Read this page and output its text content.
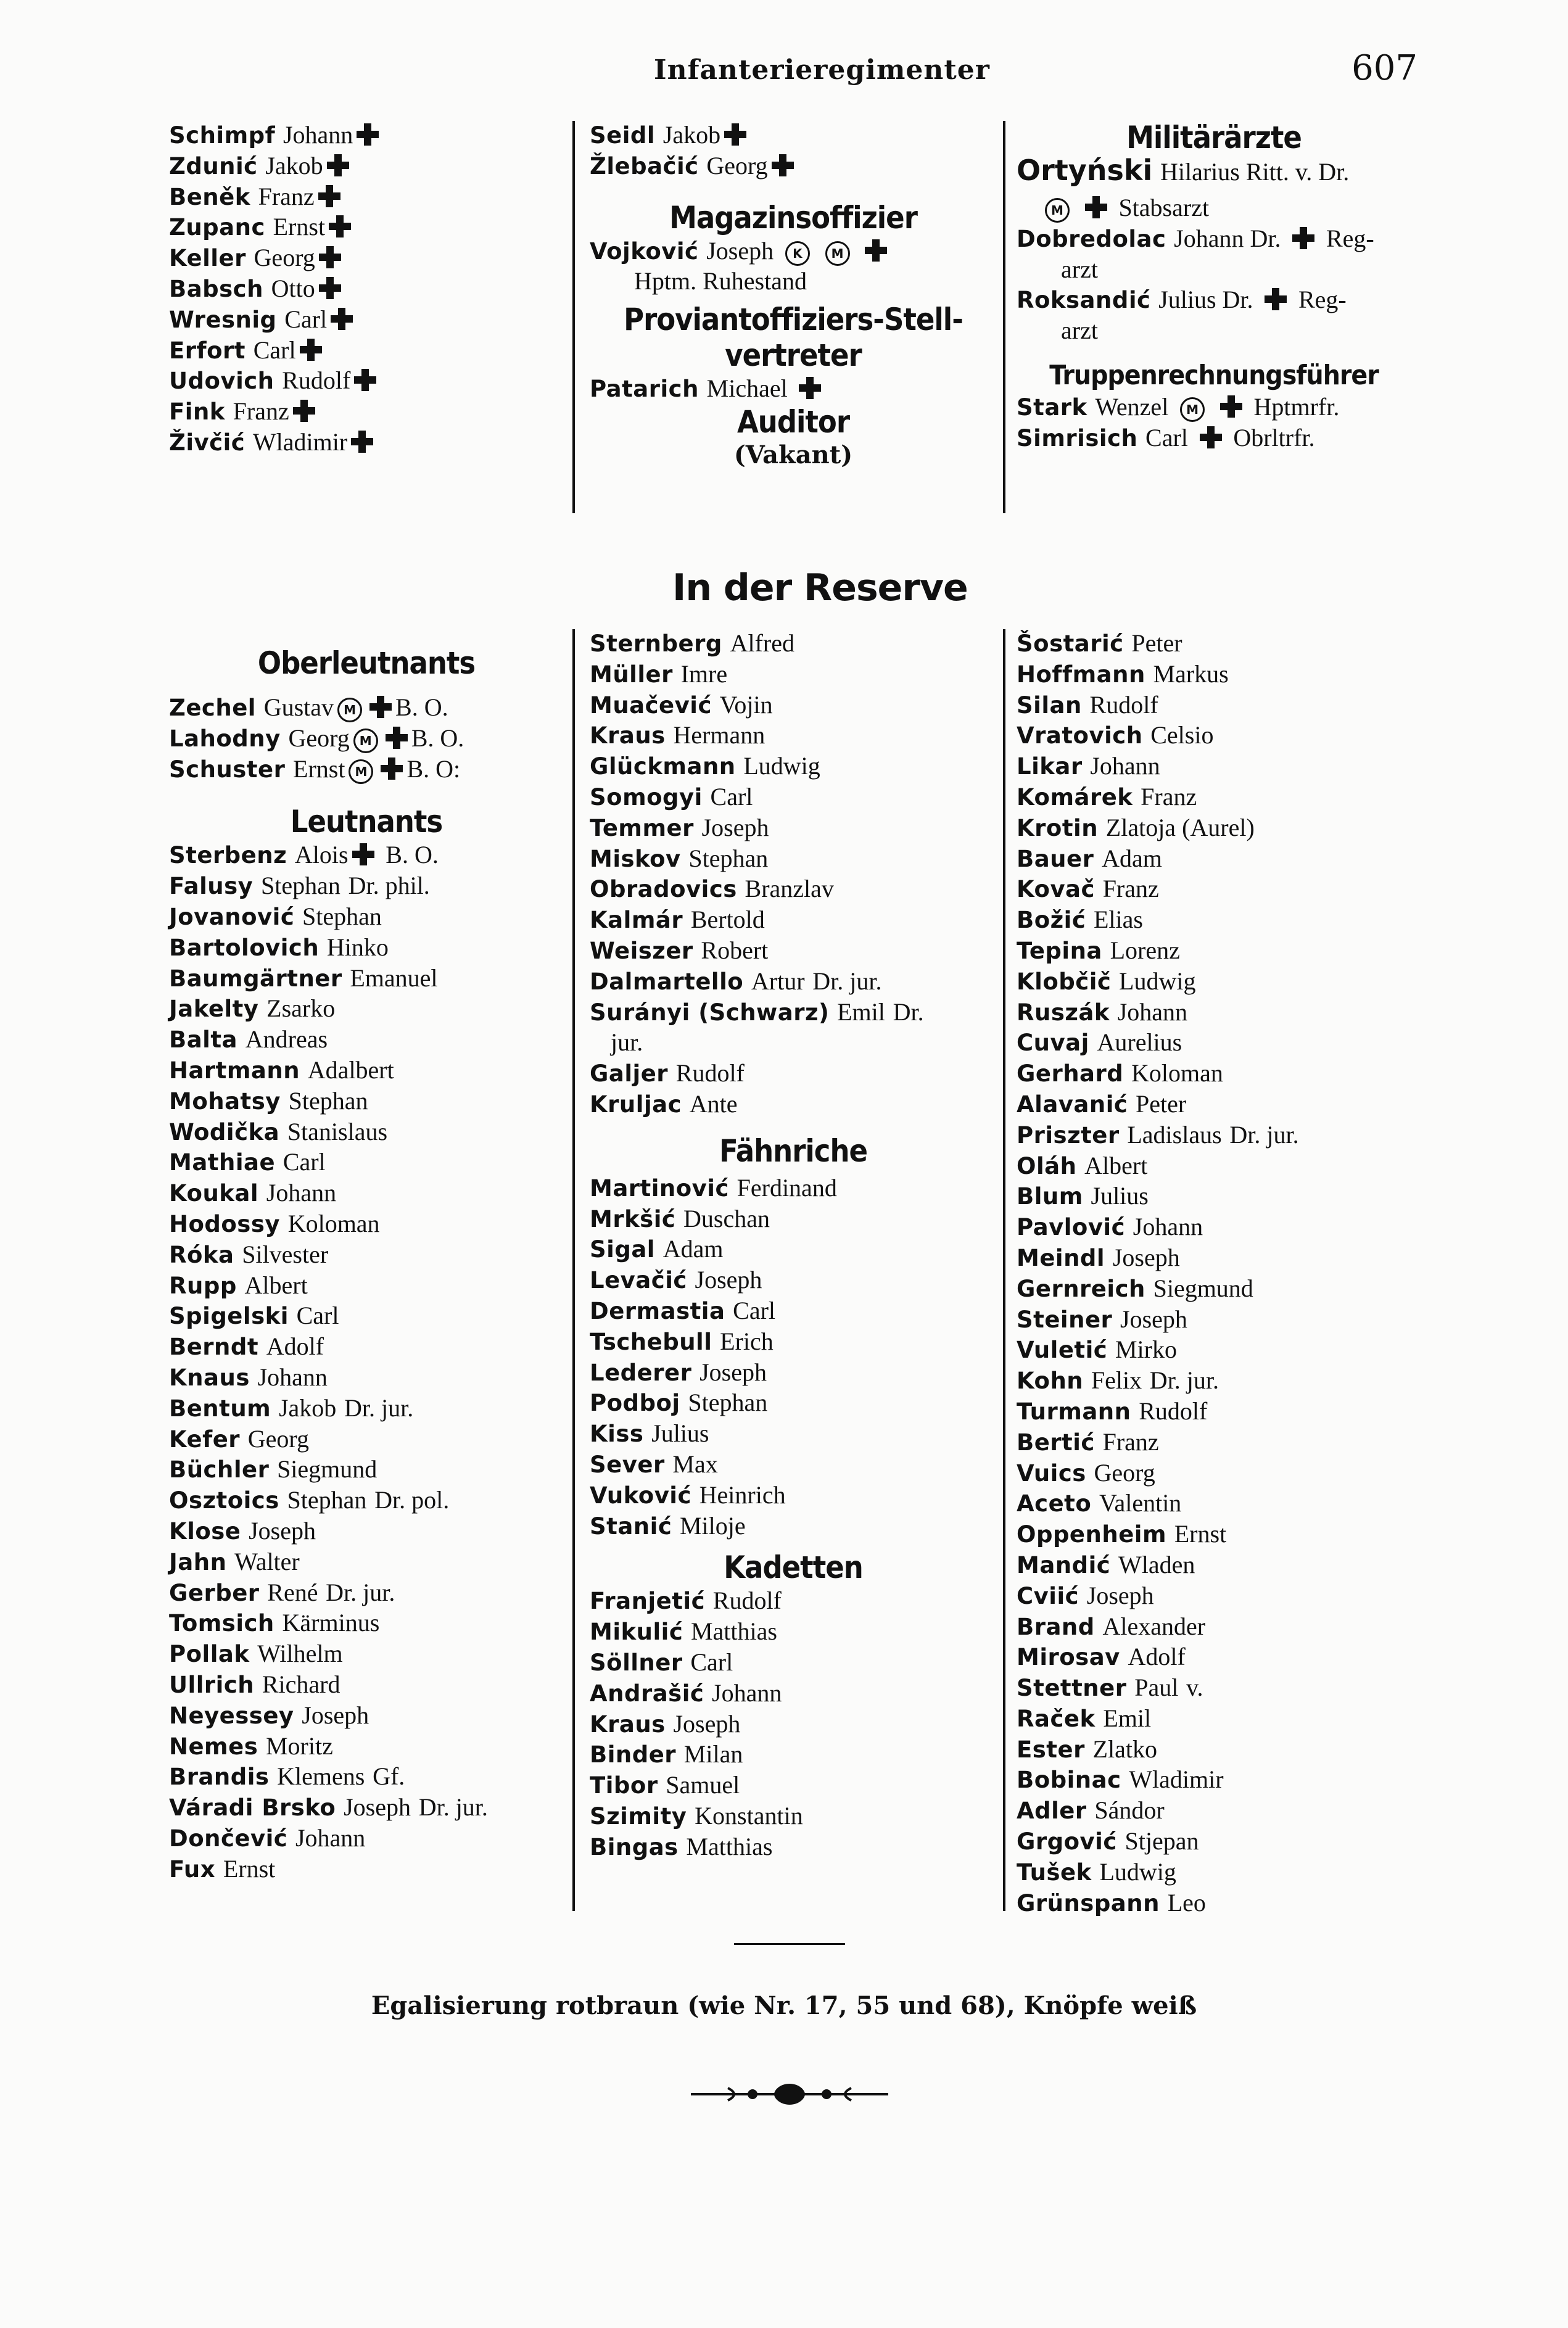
Infanterieregimenter	607
Schimpf Johann
Zdunić Jakob
Beněk Franz
Zupanc Ernst
Keller Georg
Babsch Otto
Wresnig Carl
Erfort Carl
Udovich Rudolf
Fink Franz
Živčić Wladimir
Seidl Jakob
Žlebačić Georg
Magazinsoffizier
Vojković Joseph K M
Hptm. Ruhestand
Proviantoffiziers-Stell-
vertreter
Patarich Michael
Auditor
(Vakant)
Militärärzte
Ortyński Hilarius Ritt. v. Dr.
M Stabsarzt
Dobredolac Johann Dr. Reg-
arzt
Roksandić Julius Dr. Reg-
arzt
Truppenrechnungsführer
Stark Wenzel M Hptmrfr.
Simrisich Carl Obrltrfr.
In der Reserve
Oberleutnants
Zechel Gustav M B. O.
Lahodny Georg M B. O.
Schuster Ernst M B. O:
Leutnants
Sterbenz Alois B. O.
Falusy Stephan Dr. phil.
Jovanović Stephan
Bartolovich Hinko
Baumgärtner Emanuel
Jakelty Zsarko
Balta Andreas
Hartmann Adalbert
Mohatsy Stephan
Wodička Stanislaus
Mathiae Carl
Koukal Johann
Hodossy Koloman
Róka Silvester
Rupp Albert
Spigelski Carl
Berndt Adolf
Knaus Johann
Bentum Jakob Dr. jur.
Kefer Georg
Büchler Siegmund
Osztoics Stephan Dr. pol.
Klose Joseph
Jahn Walter
Gerber René Dr. jur.
Tomsich Kärminus
Pollak Wilhelm
Ullrich Richard
Neyessey Joseph
Nemes Moritz
Brandis Klemens Gf.
Váradi Brsko Joseph Dr. jur.
Dončević Johann
Fux Ernst
Sternberg Alfred
Müller Imre
Muačević Vojin
Kraus Hermann
Glückmann Ludwig
Somogyi Carl
Temmer Joseph
Miskov Stephan
Obradovics Branzlav
Kalmár Bertold
Weiszer Robert
Dalmartello Artur Dr. jur.
Surányi (Schwarz) Emil Dr.
jur.
Galjer Rudolf
Kruljac Ante
Fähnriche
Martinović Ferdinand
Mrkšić Duschan
Sigal Adam
Levačić Joseph
Dermastia Carl
Tschebull Erich
Lederer Joseph
Podboj Stephan
Kiss Julius
Sever Max
Vuković Heinrich
Stanić Miloje
Kadetten
Franjetić Rudolf
Mikulić Matthias
Söllner Carl
Andrašić Johann
Kraus Joseph
Binder Milan
Tibor Samuel
Szimity Konstantin
Bingas Matthias
Šostarić Peter
Hoffmann Markus
Silan Rudolf
Vratovich Celsio
Likar Johann
Komárek Franz
Krotin Zlatoja (Aurel)
Bauer Adam
Kovač Franz
Božić Elias
Tepina Lorenz
Klobčič Ludwig
Ruszák Johann
Cuvaj Aurelius
Gerhard Koloman
Alavanić Peter
Priszter Ladislaus Dr. jur.
Oláh Albert
Blum Julius
Pavlović Johann
Meindl Joseph
Gernreich Siegmund
Steiner Joseph
Vuletić Mirko
Kohn Felix Dr. jur.
Turmann Rudolf
Bertić Franz
Vuics Georg
Aceto Valentin
Oppenheim Ernst
Mandić Wladen
Cviić Joseph
Brand Alexander
Mirosav Adolf
Stettner Paul v.
Raček Emil
Ester Zlatko
Bobinac Wladimir
Adler Sándor
Grgović Stjepan
Tušek Ludwig
Grünspann Leo
Egalisierung rotbraun (wie Nr. 17, 55 und 68), Knöpfe weiß
